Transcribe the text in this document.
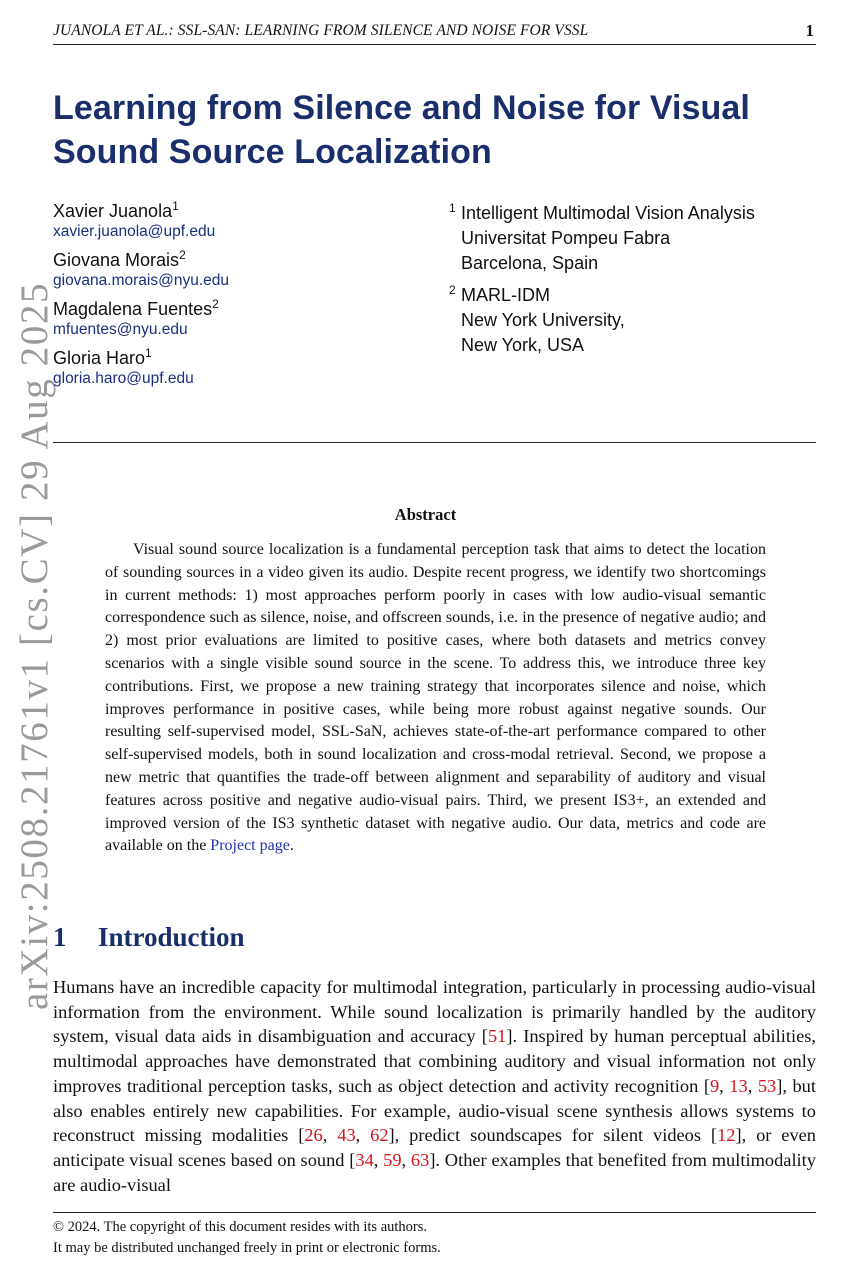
JUANOLA ET AL.: SSL-SAN: LEARNING FROM SILENCE AND NOISE FOR VSSL	1
arXiv:2508.21761v1 [cs.CV] 29 Aug 2025
Learning from Silence and Noise for Visual Sound Source Localization
Xavier Juanola$^1$
xavier.juanola@upf.edu
Giovana Morais$^2$
giovana.morais@nyu.edu
Magdalena Fuentes$^2$
mfuentes@nyu.edu
Gloria Haro$^1$
gloria.haro@upf.edu
1 Intelligent Multimodal Vision Analysis
Universitat Pompeu Fabra
Barcelona, Spain
2 MARL-IDM
New York University,
New York, USA
Abstract

Visual sound source localization is a fundamental perception task that aims to detect the location of sounding sources in a video given its audio. Despite recent progress, we identify two shortcomings in current methods: 1) most approaches perform poorly in cases with low audio-visual semantic correspondence such as silence, noise, and offscreen sounds, i.e. in the presence of negative audio; and 2) most prior evaluations are limited to positive cases, where both datasets and metrics convey scenarios with a single visible sound source in the scene. To address this, we introduce three key contributions. First, we propose a new training strategy that incorporates silence and noise, which improves performance in positive cases, while being more robust against negative sounds. Our resulting self-supervised model, SSL-SaN, achieves state-of-the-art performance compared to other self-supervised models, both in sound localization and cross-modal retrieval. Second, we propose a new metric that quantifies the trade-off between alignment and separability of auditory and visual features across positive and negative audio-visual pairs. Third, we present IS3+, an extended and improved version of the IS3 synthetic dataset with negative audio. Our data, metrics and code are available on the Project page.

1 Introduction

Humans have an incredible capacity for multimodal integration, particularly in processing audio-visual information from the environment. While sound localization is primarily handled by the auditory system, visual data aids in disambiguation and accuracy [51]. Inspired by human perceptual abilities, multimodal approaches have demonstrated that combining auditory and visual information not only improves traditional perception tasks, such as object detection and activity recognition [9, 13, 53], but also enables entirely new capabilities. For example, audio-visual scene synthesis allows systems to reconstruct missing modalities [26, 43, 62], predict soundscapes for silent videos [12], or even anticipate visual scenes based on sound [34, 59, 63]. Other examples that benefited from multimodality are audio-visual

© 2024. The copyright of this document resides with its authors.
It may be distributed unchanged freely in print or electronic forms.
